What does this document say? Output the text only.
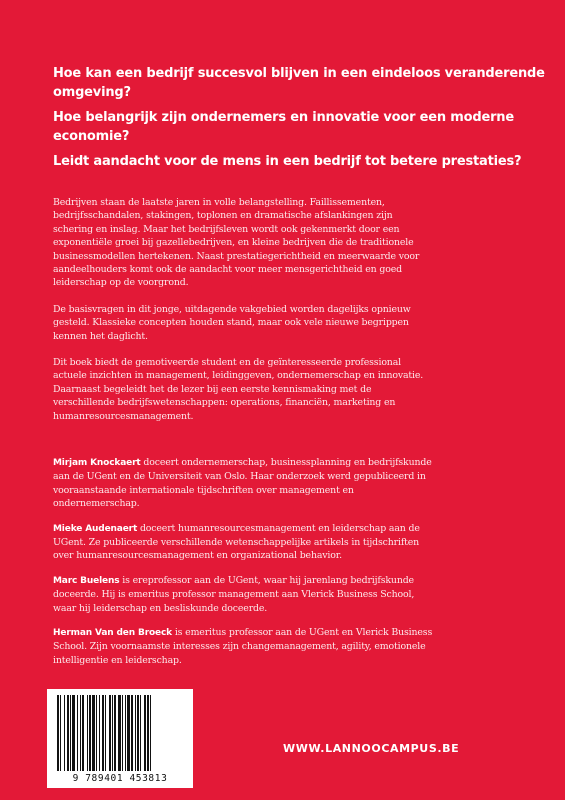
Hoe kan een bedrijf succesvol blijven in een eindeloos veranderende omgeving?

Hoe belangrijk zijn ondernemers en innovatie voor een moderne economie?

Leidt aandacht voor de mens in een bedrijf tot betere prestaties?

Bedrijven staan de laatste jaren in volle belangstelling. Faillissementen, bedrijfsschandalen, stakingen, toplonen en dramatische afslankingen zijn schering en inslag. Maar het bedrijfsleven wordt ook gekenmerkt door een exponentiële groei bij gazellebedrijven, en kleine bedrijven die de traditionele businessmodellen hertekenen. Naast prestatiegerichtheid en meerwaarde voor aandeelhouders komt ook de aandacht voor meer mensgerichtheid en goed leiderschap op de voorgrond.

De basisvragen in dit jonge, uitdagende vakgebied worden dagelijks opnieuw gesteld. Klassieke concepten houden stand, maar ook vele nieuwe begrippen kennen het daglicht.

Dit boek biedt de gemotiveerde student en de geïnteresseerde professional actuele inzichten in management, leidinggeven, ondernemerschap en innovatie. Daarnaast begeleidt het de lezer bij een eerste kennismaking met de verschillende bedrijfswetenschappen: operations, financiën, marketing en humanresourcesmanagement.

Mirjam Knockaert doceert ondernemerschap, businessplanning en bedrijfskunde aan de UGent en de Universiteit van Oslo. Haar onderzoek werd gepubliceerd in vooraanstaande internationale tijdschriften over management en ondernemerschap.

Mieke Audenaert doceert humanresourcesmanagement en leiderschap aan de UGent. Ze publiceerde verschillende wetenschappelijke artikels in tijdschriften over humanresourcesmanagement en organizational behavior.

Marc Buelens is ereprofessor aan de UGent, waar hij jarenlang bedrijfskunde doceerde. Hij is emeritus professor management aan Vlerick Business School, waar hij leiderschap en besliskunde doceerde.

Herman Van den Broeck is emeritus professor aan de UGent en Vlerick Business School. Zijn voornaamste interesses zijn changemanagement, agility, emotionele intelligentie en leiderschap.

9 789401 453813
WWW.LANNOOCAMPUS.BE
